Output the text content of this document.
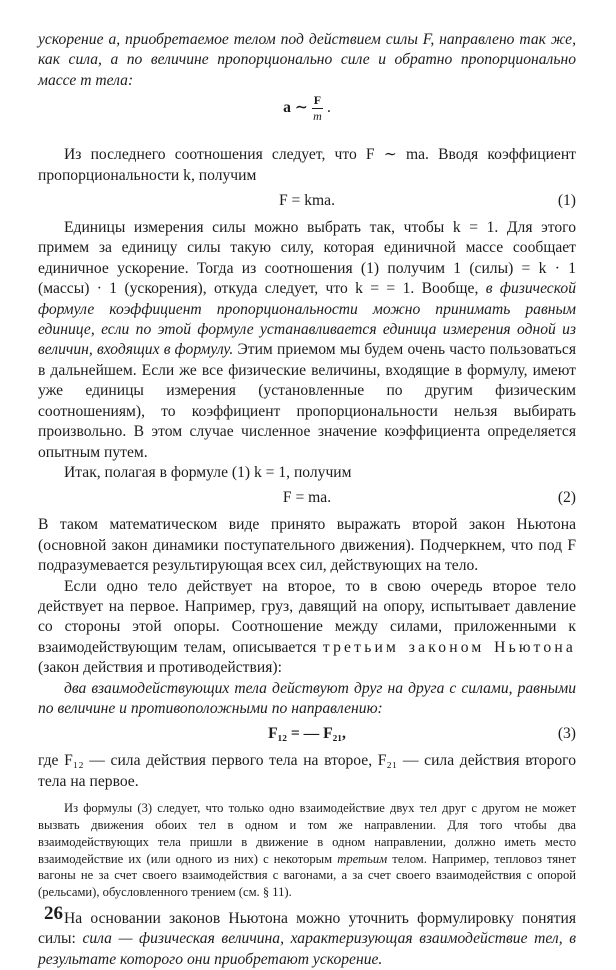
ускорение a, приобретаемое телом под действием силы F, направлено так же, как сила, а по величине пропорционально силе и обратно пропорционально массе m тела:

a ∼ $\frac{F}{m}$ .

Из последнего соотношения следует, что F ∼ ma. Вводя коэффициент пропорциональности k, получим

F = kma.	(1)

Единицы измерения силы можно выбрать так, чтобы k = 1. Для этого примем за единицу силы такую силу, которая единичной массе сообщает единичное ускорение. Тогда из соотношения (1) получим 1 (силы) = k · 1 (массы) · 1 (ускорения), откуда следует, что k = = 1. Вообще, в физической формуле коэффициент пропорциональности можно принимать равным единице, если по этой формуле устанавливается единица измерения одной из величин, входящих в формулу. Этим приемом мы будем очень часто пользоваться в дальнейшем. Если же все физические величины, входящие в формулу, имеют уже единицы измерения (установленные по другим физическим соотношениям), то коэффициент пропорциональности нельзя выбирать произвольно. В этом случае численное значение коэффициента определяется опытным путем.

Итак, полагая в формуле (1) k = 1, получим

F = ma.	(2)

В таком математическом виде принято выражать второй закон Ньютона (основной закон динамики поступательного движения). Подчеркнем, что под F подразумевается результирующая всех сил, действующих на тело.

Если одно тело действует на второе, то в свою очередь второе тело действует на первое. Например, груз, давящий на опору, испытывает давление со стороны этой опоры. Соотношение между силами, приложенными к взаимодействующим телам, описывается третьим законом Ньютона (закон действия и противодействия):

два взаимодействующих тела действуют друг на друга с силами, равными по величине и противоположными по направлению:

F₁₂ = — F₂₁,	(3)

где F₁₂ — сила действия первого тела на второе, F₂₁ — сила действия второго тела на первое.

Из формулы (3) следует, что только одно взаимодействие двух тел друг с другом не может вызвать движения обоих тел в одном и том же направлении. Для того чтобы два взаимодействующих тела пришли в движение в одном направлении, должно иметь место взаимодействие их (или одного из них) с некоторым третьим телом. Например, тепловоз тянет вагоны не за счет своего взаимодействия с вагонами, а за счет своего взаимодействия с опорой (рельсами), обусловленного трением (см. § 11).

На основании законов Ньютона можно уточнить формулировку понятия силы: сила — физическая величина, характеризующая взаимодействие тел, в результате которого они приобретают ускорение.

26
